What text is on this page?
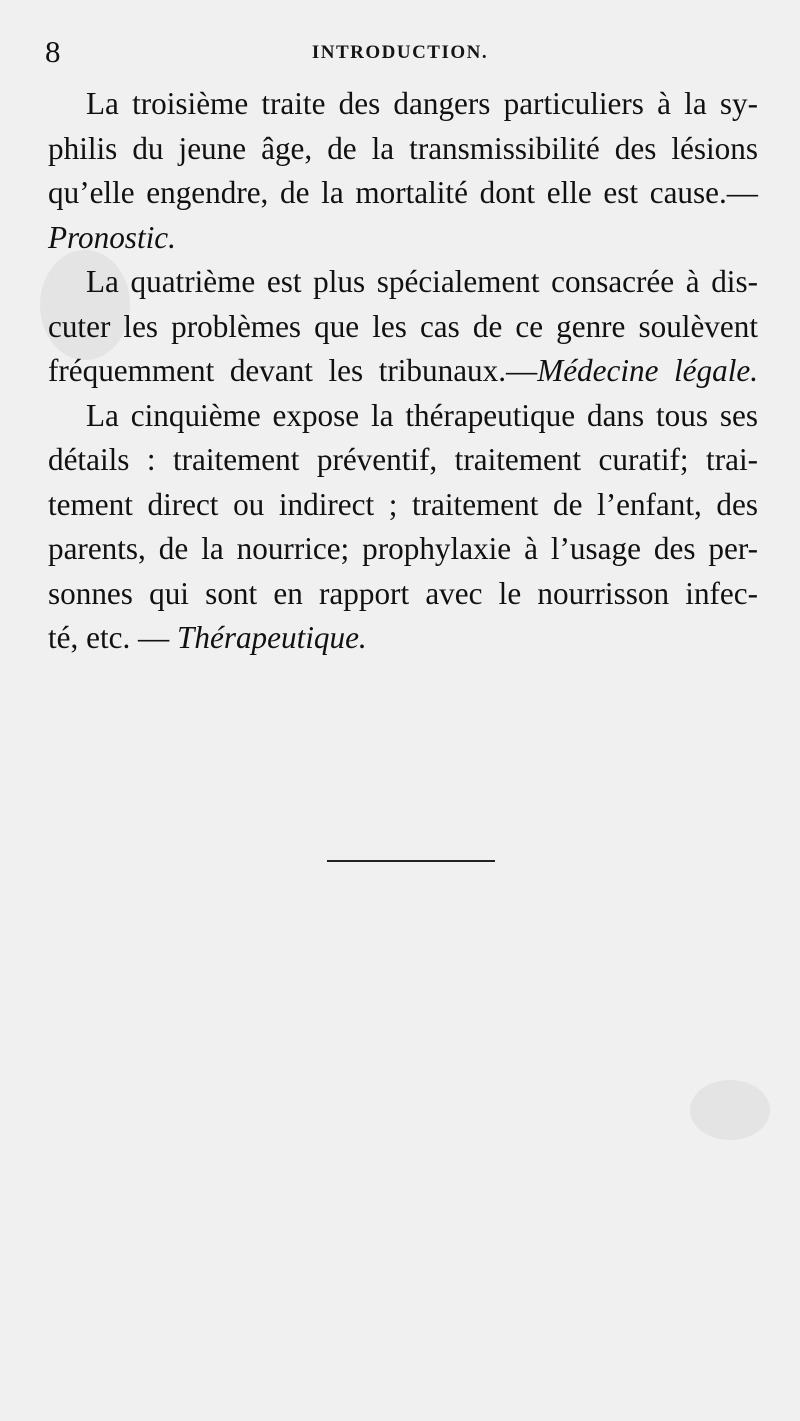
8	INTRODUCTION.

La troisième traite des dangers particuliers à la sy-
philis du jeune âge, de la transmissibilité des lésions
qu’elle engendre, de la mortalité dont elle est cause.—
Pronostic.

La quatrième est plus spécialement consacrée à dis-
cuter les problèmes que les cas de ce genre soulèvent
fréquemment devant les tribunaux.—Médecine légale.

La cinquième expose la thérapeutique dans tous ses
détails : traitement préventif, traitement curatif; trai-
tement direct ou indirect ; traitement de l’enfant, des
parents, de la nourrice; prophylaxie à l’usage des per-
sonnes qui sont en rapport avec le nourrisson infec-
té, etc. — Thérapeutique.
